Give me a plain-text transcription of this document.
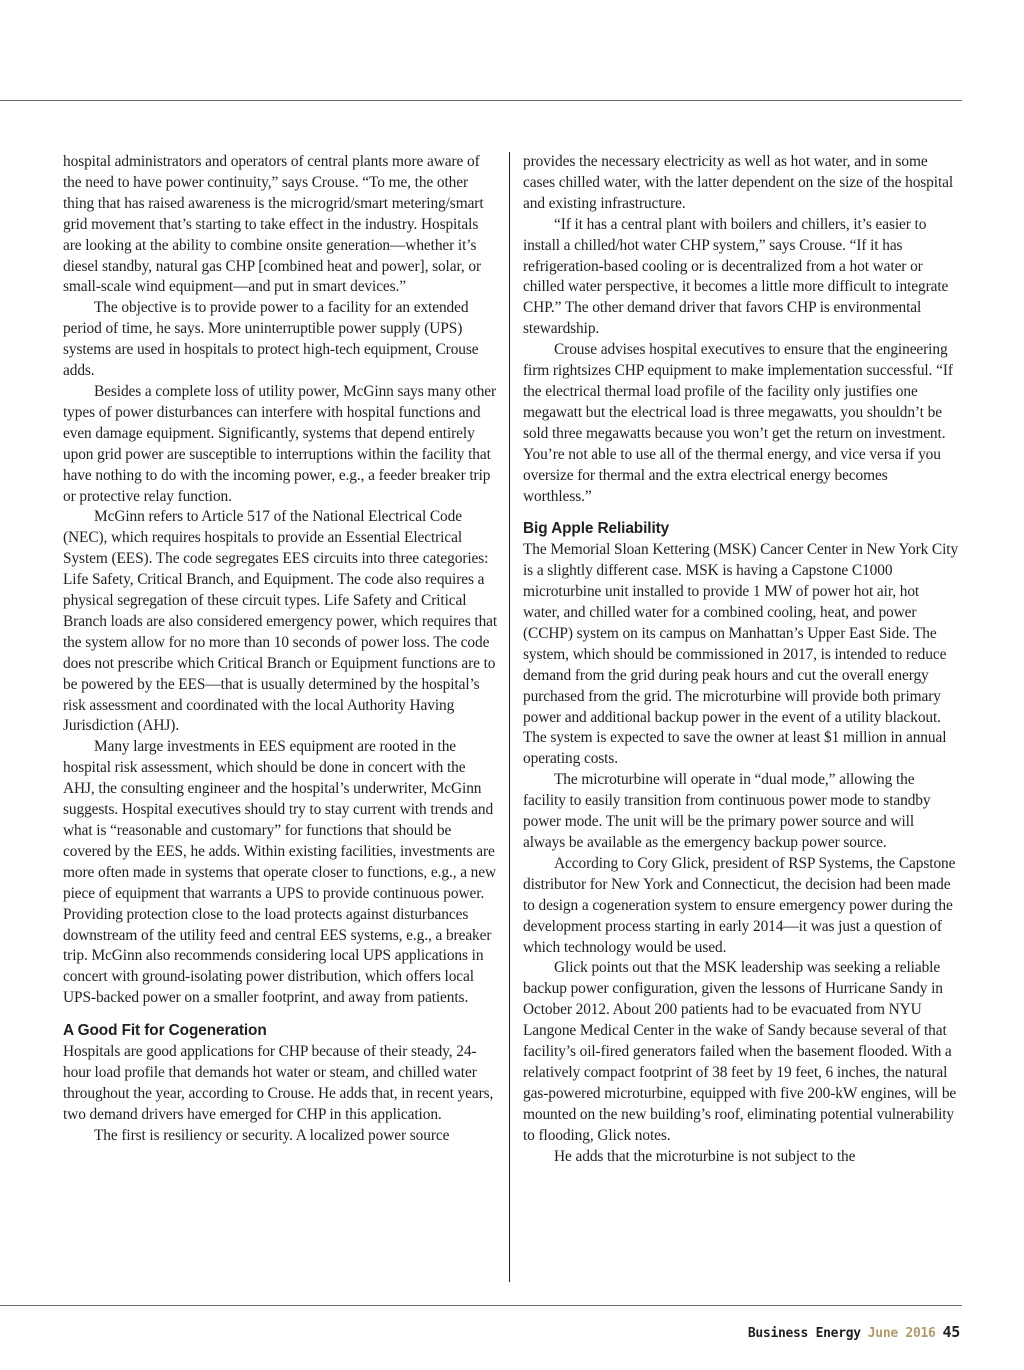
hospital administrators and operators of central plants more aware of the need to have power continuity,” says Crouse. “To me, the other thing that has raised awareness is the microgrid/smart metering/smart grid movement that’s starting to take effect in the industry. Hospitals are looking at the ability to combine onsite generation—whether it’s diesel standby, natural gas CHP [combined heat and power], solar, or small-scale wind equipment—and put in smart devices.”

The objective is to provide power to a facility for an extended period of time, he says. More uninterruptible power supply (UPS) systems are used in hospitals to protect high-tech equipment, Crouse adds.

Besides a complete loss of utility power, McGinn says many other types of power disturbances can interfere with hospital functions and even damage equipment. Significantly, systems that depend entirely upon grid power are susceptible to interruptions within the facility that have nothing to do with the incoming power, e.g., a feeder breaker trip or protective relay function.

McGinn refers to Article 517 of the National Electrical Code (NEC), which requires hospitals to provide an Essential Electrical System (EES). The code segregates EES circuits into three categories: Life Safety, Critical Branch, and Equipment. The code also requires a physical segregation of these circuit types. Life Safety and Critical Branch loads are also considered emergency power, which requires that the system allow for no more than 10 seconds of power loss. The code does not prescribe which Critical Branch or Equipment functions are to be powered by the EES—that is usually determined by the hospital’s risk assessment and coordinated with the local Authority Having Jurisdiction (AHJ).

Many large investments in EES equipment are rooted in the hospital risk assessment, which should be done in concert with the AHJ, the consulting engineer and the hospital’s underwriter, McGinn suggests. Hospital executives should try to stay current with trends and what is “reasonable and customary” for functions that should be covered by the EES, he adds. Within existing facilities, investments are more often made in systems that operate closer to functions, e.g., a new piece of equipment that warrants a UPS to provide continuous power. Providing protection close to the load protects against disturbances downstream of the utility feed and central EES systems, e.g., a breaker trip. McGinn also recommends considering local UPS applications in concert with ground-isolating power distribution, which offers local UPS-backed power on a smaller footprint, and away from patients.

A Good Fit for Cogeneration

Hospitals are good applications for CHP because of their steady, 24-hour load profile that demands hot water or steam, and chilled water throughout the year, according to Crouse. He adds that, in recent years, two demand drivers have emerged for CHP in this application.

The first is resiliency or security. A localized power source

provides the necessary electricity as well as hot water, and in some cases chilled water, with the latter dependent on the size of the hospital and existing infrastructure.

“If it has a central plant with boilers and chillers, it’s easier to install a chilled/hot water CHP system,” says Crouse. “If it has refrigeration-based cooling or is decentralized from a hot water or chilled water perspective, it becomes a little more difficult to integrate CHP.” The other demand driver that favors CHP is environmental stewardship.

Crouse advises hospital executives to ensure that the engineering firm rightsizes CHP equipment to make implementation successful. “If the electrical thermal load profile of the facility only justifies one megawatt but the electrical load is three megawatts, you shouldn’t be sold three megawatts because you won’t get the return on investment. You’re not able to use all of the thermal energy, and vice versa if you oversize for thermal and the extra electrical energy becomes worthless.”

Big Apple Reliability

The Memorial Sloan Kettering (MSK) Cancer Center in New York City is a slightly different case. MSK is having a Capstone C1000 microturbine unit installed to provide 1 MW of power hot air, hot water, and chilled water for a combined cooling, heat, and power (CCHP) system on its campus on Manhattan’s Upper East Side. The system, which should be commissioned in 2017, is intended to reduce demand from the grid during peak hours and cut the overall energy purchased from the grid. The microturbine will provide both primary power and additional backup power in the event of a utility blackout. The system is expected to save the owner at least $1 million in annual operating costs.

The microturbine will operate in “dual mode,” allowing the facility to easily transition from continuous power mode to standby power mode. The unit will be the primary power source and will always be available as the emergency backup power source.

According to Cory Glick, president of RSP Systems, the Capstone distributor for New York and Connecticut, the decision had been made to design a cogeneration system to ensure emergency power during the development process starting in early 2014—it was just a question of which technology would be used.

Glick points out that the MSK leadership was seeking a reliable backup power configuration, given the lessons of Hurricane Sandy in October 2012. About 200 patients had to be evacuated from NYU Langone Medical Center in the wake of Sandy because several of that facility’s oil-fired generators failed when the basement flooded. With a relatively compact footprint of 38 feet by 19 feet, 6 inches, the natural gas-powered microturbine, equipped with five 200-kW engines, will be mounted on the new building’s roof, eliminating potential vulnerability to flooding, Glick notes.

He adds that the microturbine is not subject to the

Business Energy June 2016 45
